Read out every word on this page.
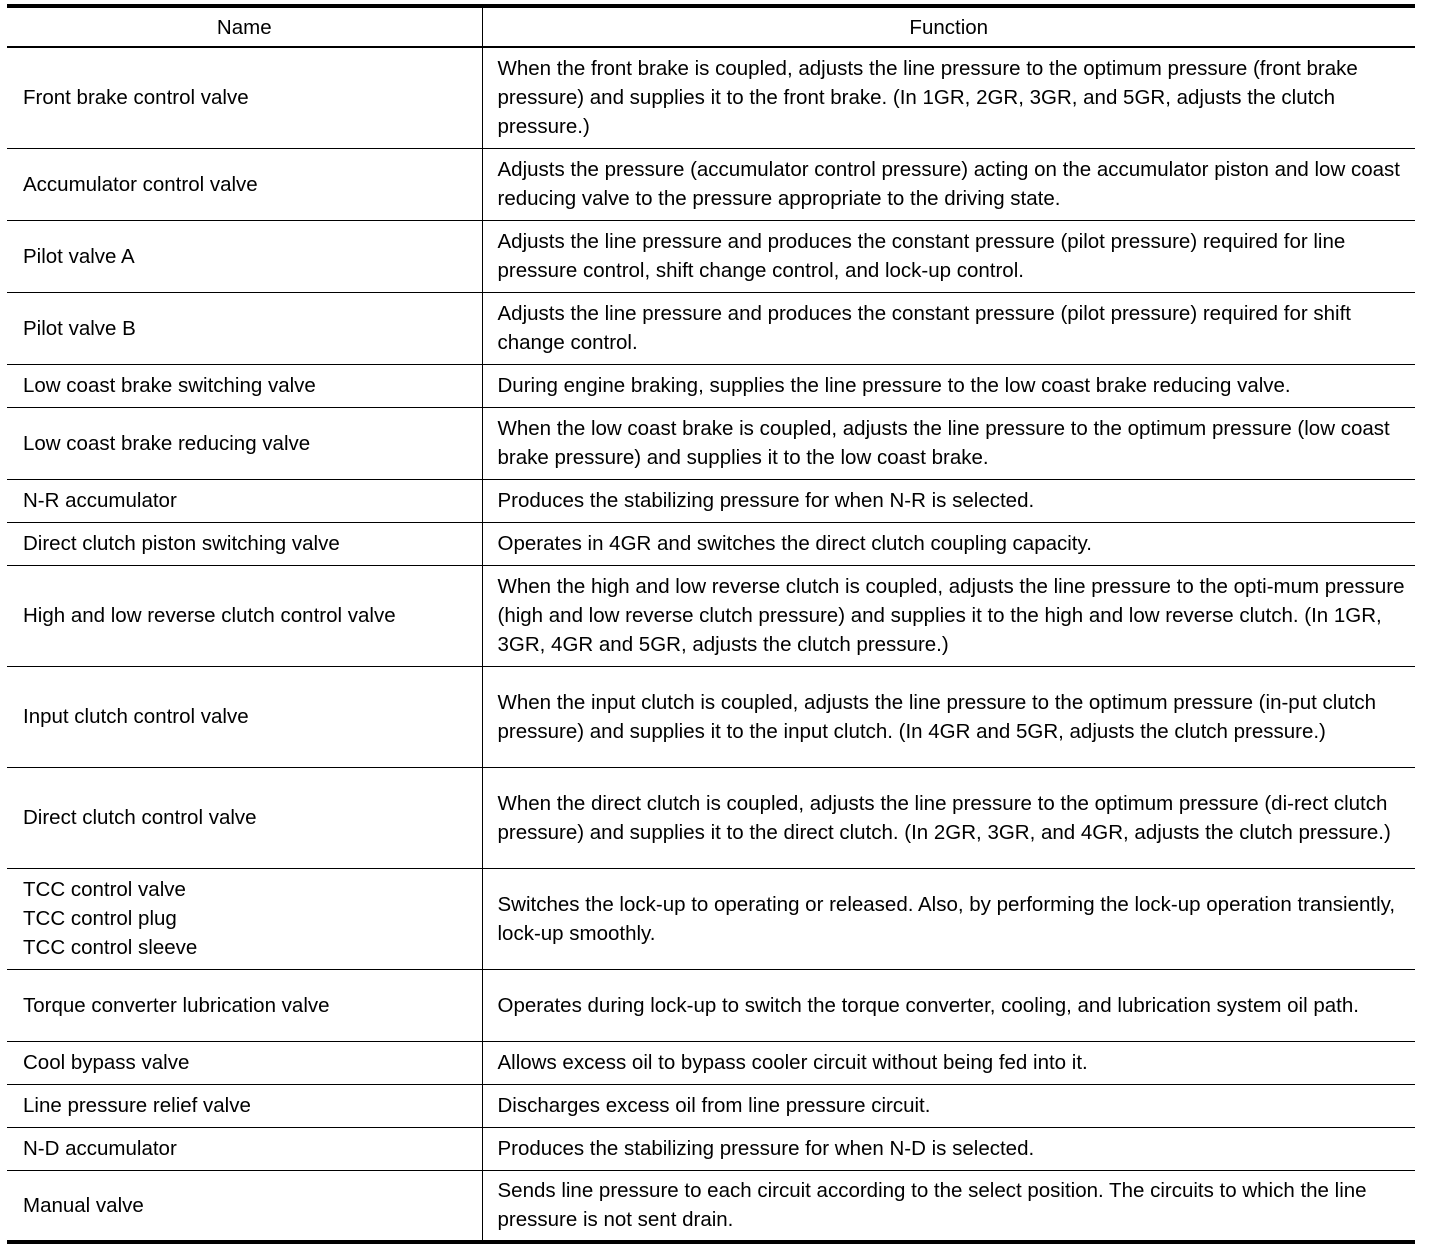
Name	Function

Front brake control valve	When the front brake is coupled, adjusts the line pressure to the optimum pressure (front brake pressure) and supplies it to the front brake. (In 1GR, 2GR, 3GR, and 5GR, adjusts the clutch pressure.)

Accumulator control valve	Adjusts the pressure (accumulator control pressure) acting on the accumulator piston and low coast reducing valve to the pressure appropriate to the driving state.

Pilot valve A	Adjusts the line pressure and produces the constant pressure (pilot pressure) required for line pressure control, shift change control, and lock-up control.

Pilot valve B	Adjusts the line pressure and produces the constant pressure (pilot pressure) required for shift change control.

Low coast brake switching valve	During engine braking, supplies the line pressure to the low coast brake reducing valve.

Low coast brake reducing valve	When the low coast brake is coupled, adjusts the line pressure to the optimum pressure (low coast brake pressure) and supplies it to the low coast brake.

N-R accumulator	Produces the stabilizing pressure for when N-R is selected.

Direct clutch piston switching valve	Operates in 4GR and switches the direct clutch coupling capacity.

High and low reverse clutch control valve	When the high and low reverse clutch is coupled, adjusts the line pressure to the opti-mum pressure (high and low reverse clutch pressure) and supplies it to the high and low reverse clutch. (In 1GR, 3GR, 4GR and 5GR, adjusts the clutch pressure.)

Input clutch control valve	When the input clutch is coupled, adjusts the line pressure to the optimum pressure (in-put clutch pressure) and supplies it to the input clutch. (In 4GR and 5GR, adjusts the clutch pressure.)

Direct clutch control valve	When the direct clutch is coupled, adjusts the line pressure to the optimum pressure (di-rect clutch pressure) and supplies it to the direct clutch. (In 2GR, 3GR, and 4GR, adjusts the clutch pressure.)

TCC control valve
TCC control plug
TCC control sleeve	Switches the lock-up to operating or released. Also, by performing the lock-up operation transiently, lock-up smoothly.

Torque converter lubrication valve	Operates during lock-up to switch the torque converter, cooling, and lubrication system oil path.

Cool bypass valve	Allows excess oil to bypass cooler circuit without being fed into it.

Line pressure relief valve	Discharges excess oil from line pressure circuit.

N-D accumulator	Produces the stabilizing pressure for when N-D is selected.

Manual valve	Sends line pressure to each circuit according to the select position. The circuits to which the line pressure is not sent drain.
